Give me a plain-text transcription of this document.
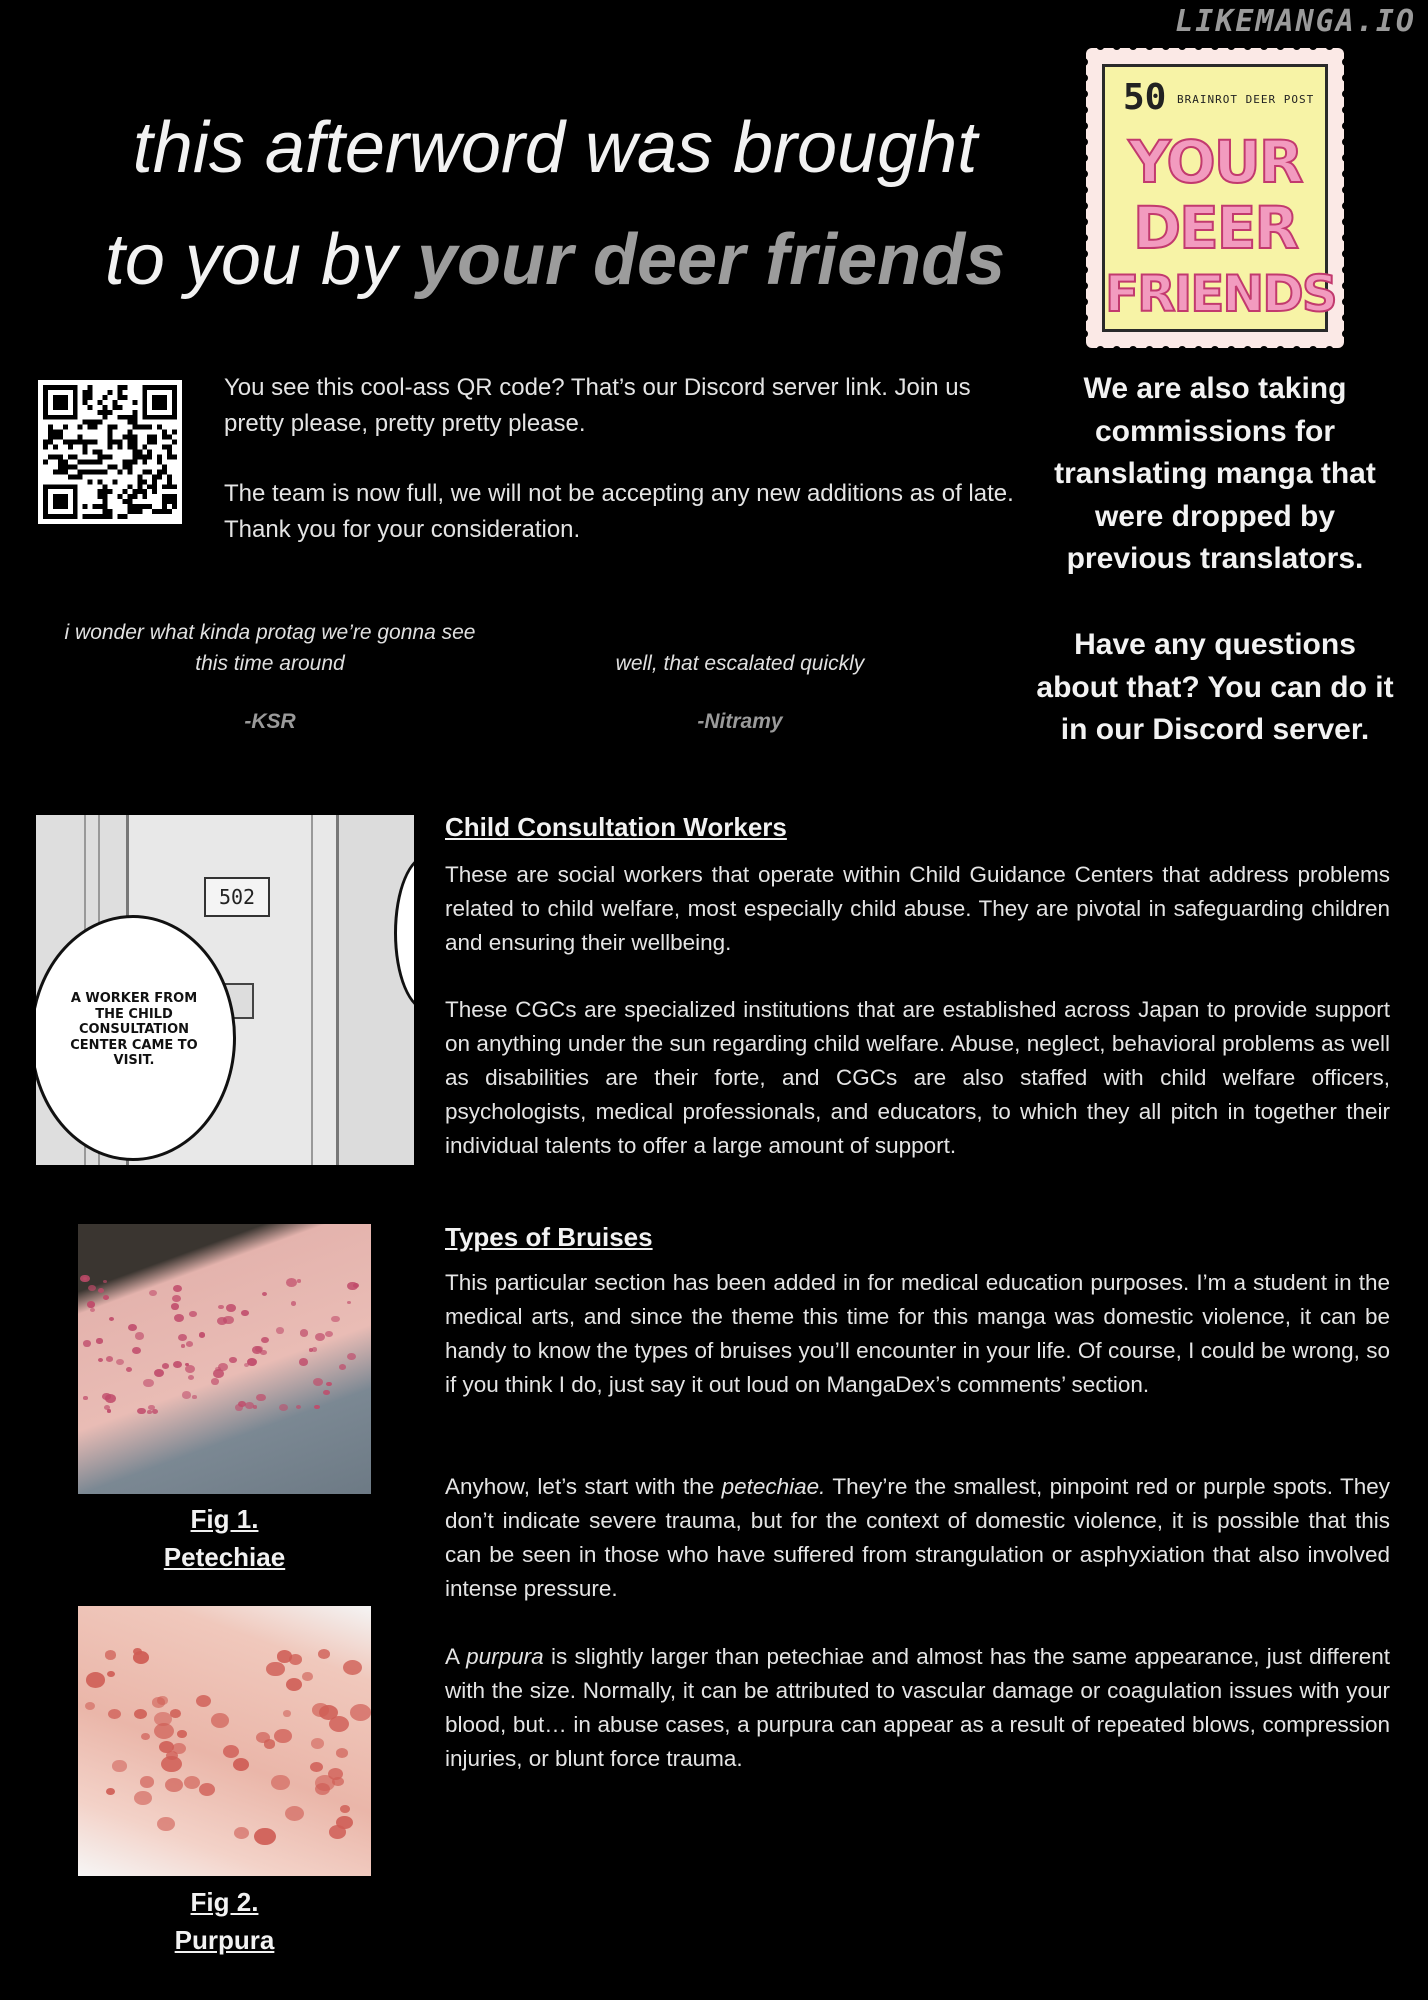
LIKEMANGA.IO
this afterword was brought
to you by your deer friends
50 BRAINROT DEER POST
YOUR
DEER
FRIENDS
You see this cool-ass QR code? That’s our Discord server link. Join us pretty please, pretty pretty please.
The team is now full, we will not be accepting any new additions as of late. Thank you for your consideration.
We are also taking commissions for translating manga that were dropped by previous translators.
Have any questions about that? You can do it in our Discord server.
i wonder what kinda protag we’re gonna see this time around
-KSR
well, that escalated quickly
-Nitramy
502
A WORKER FROM THE CHILD CONSULTATION CENTER CAME TO VISIT.
Child Consultation Workers
These are social workers that operate within Child Guidance Centers that address problems related to child welfare, most especially child abuse. They are pivotal in safeguarding children and ensuring their wellbeing.
These CGCs are specialized institutions that are established across Japan to provide support on anything under the sun regarding child welfare. Abuse, neglect, behavioral problems as well as disabilities are their forte, and CGCs are also staffed with child welfare officers, psychologists, medical professionals, and educators, to which they all pitch in together their individual talents to offer a large amount of support.
Fig 1.
Petechiae
Fig 2.
Purpura
Types of Bruises
This particular section has been added in for medical education purposes. I’m a student in the medical arts, and since the theme this time for this manga was domestic violence, it can be handy to know the types of bruises you’ll encounter in your life. Of course, I could be wrong, so if you think I do, just say it out loud on MangaDex’s comments’ section.
Anyhow, let’s start with the petechiae. They’re the smallest, pinpoint red or purple spots. They don’t indicate severe trauma, but for the context of domestic violence, it is possible that this can be seen in those who have suffered from strangulation or asphyxiation that also involved intense pressure.
A purpura is slightly larger than petechiae and almost has the same appearance, just different with the size. Normally, it can be attributed to vascular damage or coagulation issues with your blood, but… in abuse cases, a purpura can appear as a result of repeated blows, compression injuries, or blunt force trauma.
